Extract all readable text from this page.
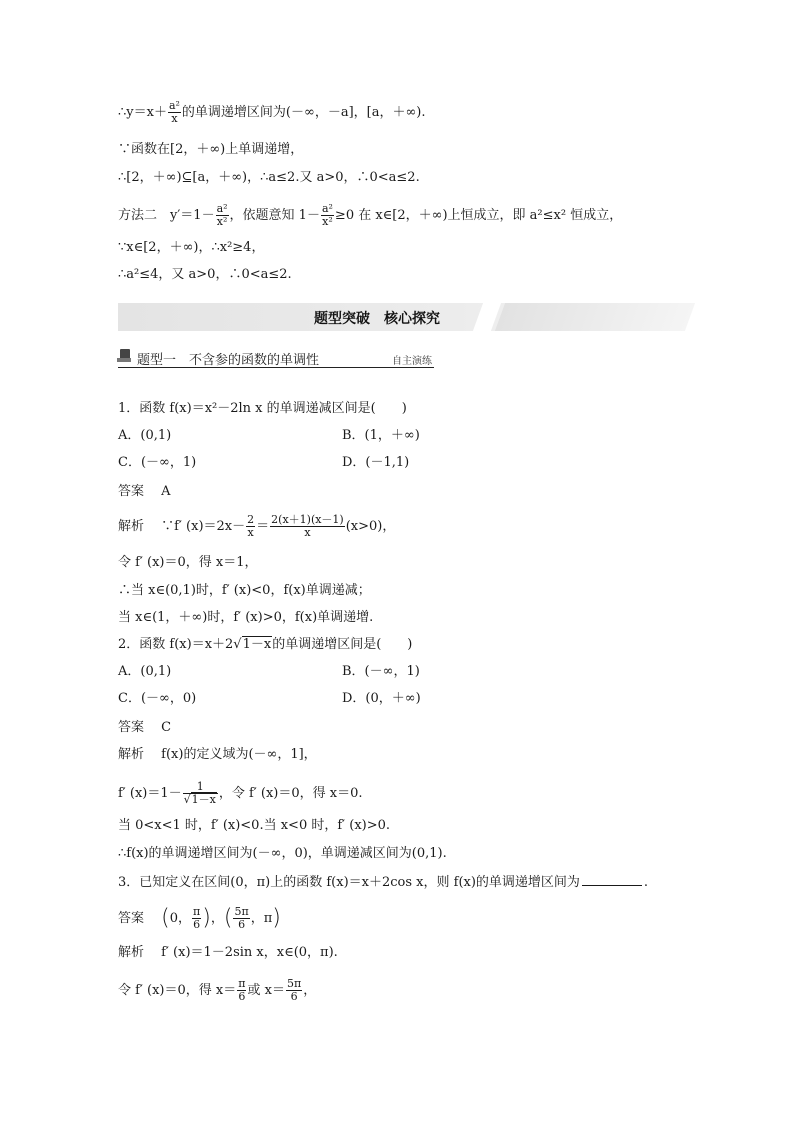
∴y＝x＋ $\frac{\text{a²}}{x}$ 的单调递增区间为(－∞，－a]，[a，＋∞).
∵函数在[2，＋∞)上单调递增，
∴[2，＋∞)⊆[a，＋∞)，∴a≤2.又 a>0，∴0<a≤2.
方法二　$y'=1- \frac{\text{a²}}{\text{x²}}$ ，依题意知 $1- \frac{\text{a²}}{\text{x²}} \ge 0$ 在 x∈[2，＋∞)上恒成立，即 a²≤x² 恒成立，
∵x∈[2，＋∞)，∴x²≥4，
∴a²≤4，又 a>0，∴0<a≤2.
题型突破　核心探究
题型一　不含参的函数的单调性	自主演练
1．函数 f(x)＝x²－2ln x 的单调递减区间是(　　)
A．(0,1)	B．(1，＋∞)
C．(－∞，1)	D．(－1,1)
答案　 A
解析　 ∵f′ $(x)=2x- \frac{2}{x} = \frac{2(x+1)(x-1)}{x} (x>0)$，
令 f′ (x)＝0，得 x＝1，
∴当 x∈(0,1)时，f′ (x)<0，f(x)单调递减；
当 x∈(1，＋∞)时，f′ (x)>0，f(x)单调递增.
2．函数 f(x)＝x＋2√1－x的单调递增区间是(　　)
A．(0,1)	B．(－∞，1)
C．(－∞，0)	D．(0，＋∞)
答案　 C
解析　 f(x)的定义域为(－∞，1]，
f′ $(x)=1- \frac{1}{√1-x}$ ，令 f′ (x)＝0，得 x＝0.
当 0<x<1 时，f′ (x)<0.当 x<0 时，f′ (x)>0.
∴f(x)的单调递增区间为(－∞，0)，单调递减区间为(0,1).
3．已知定义在区间(0，π)上的函数 f(x)＝x＋2cos x，则 f(x)的单调递增区间为	.
答案　 (0， $\frac{\pi}{6}$ )，( $\frac{5\pi}{6}$ ，π)
解析　 f′ (x)＝1－2sin x，x∈(0，π).
令 f′ (x)＝0，得 $x= \frac{\pi}{6}$ 或 $x= \frac{5\pi}{6}$ ，
